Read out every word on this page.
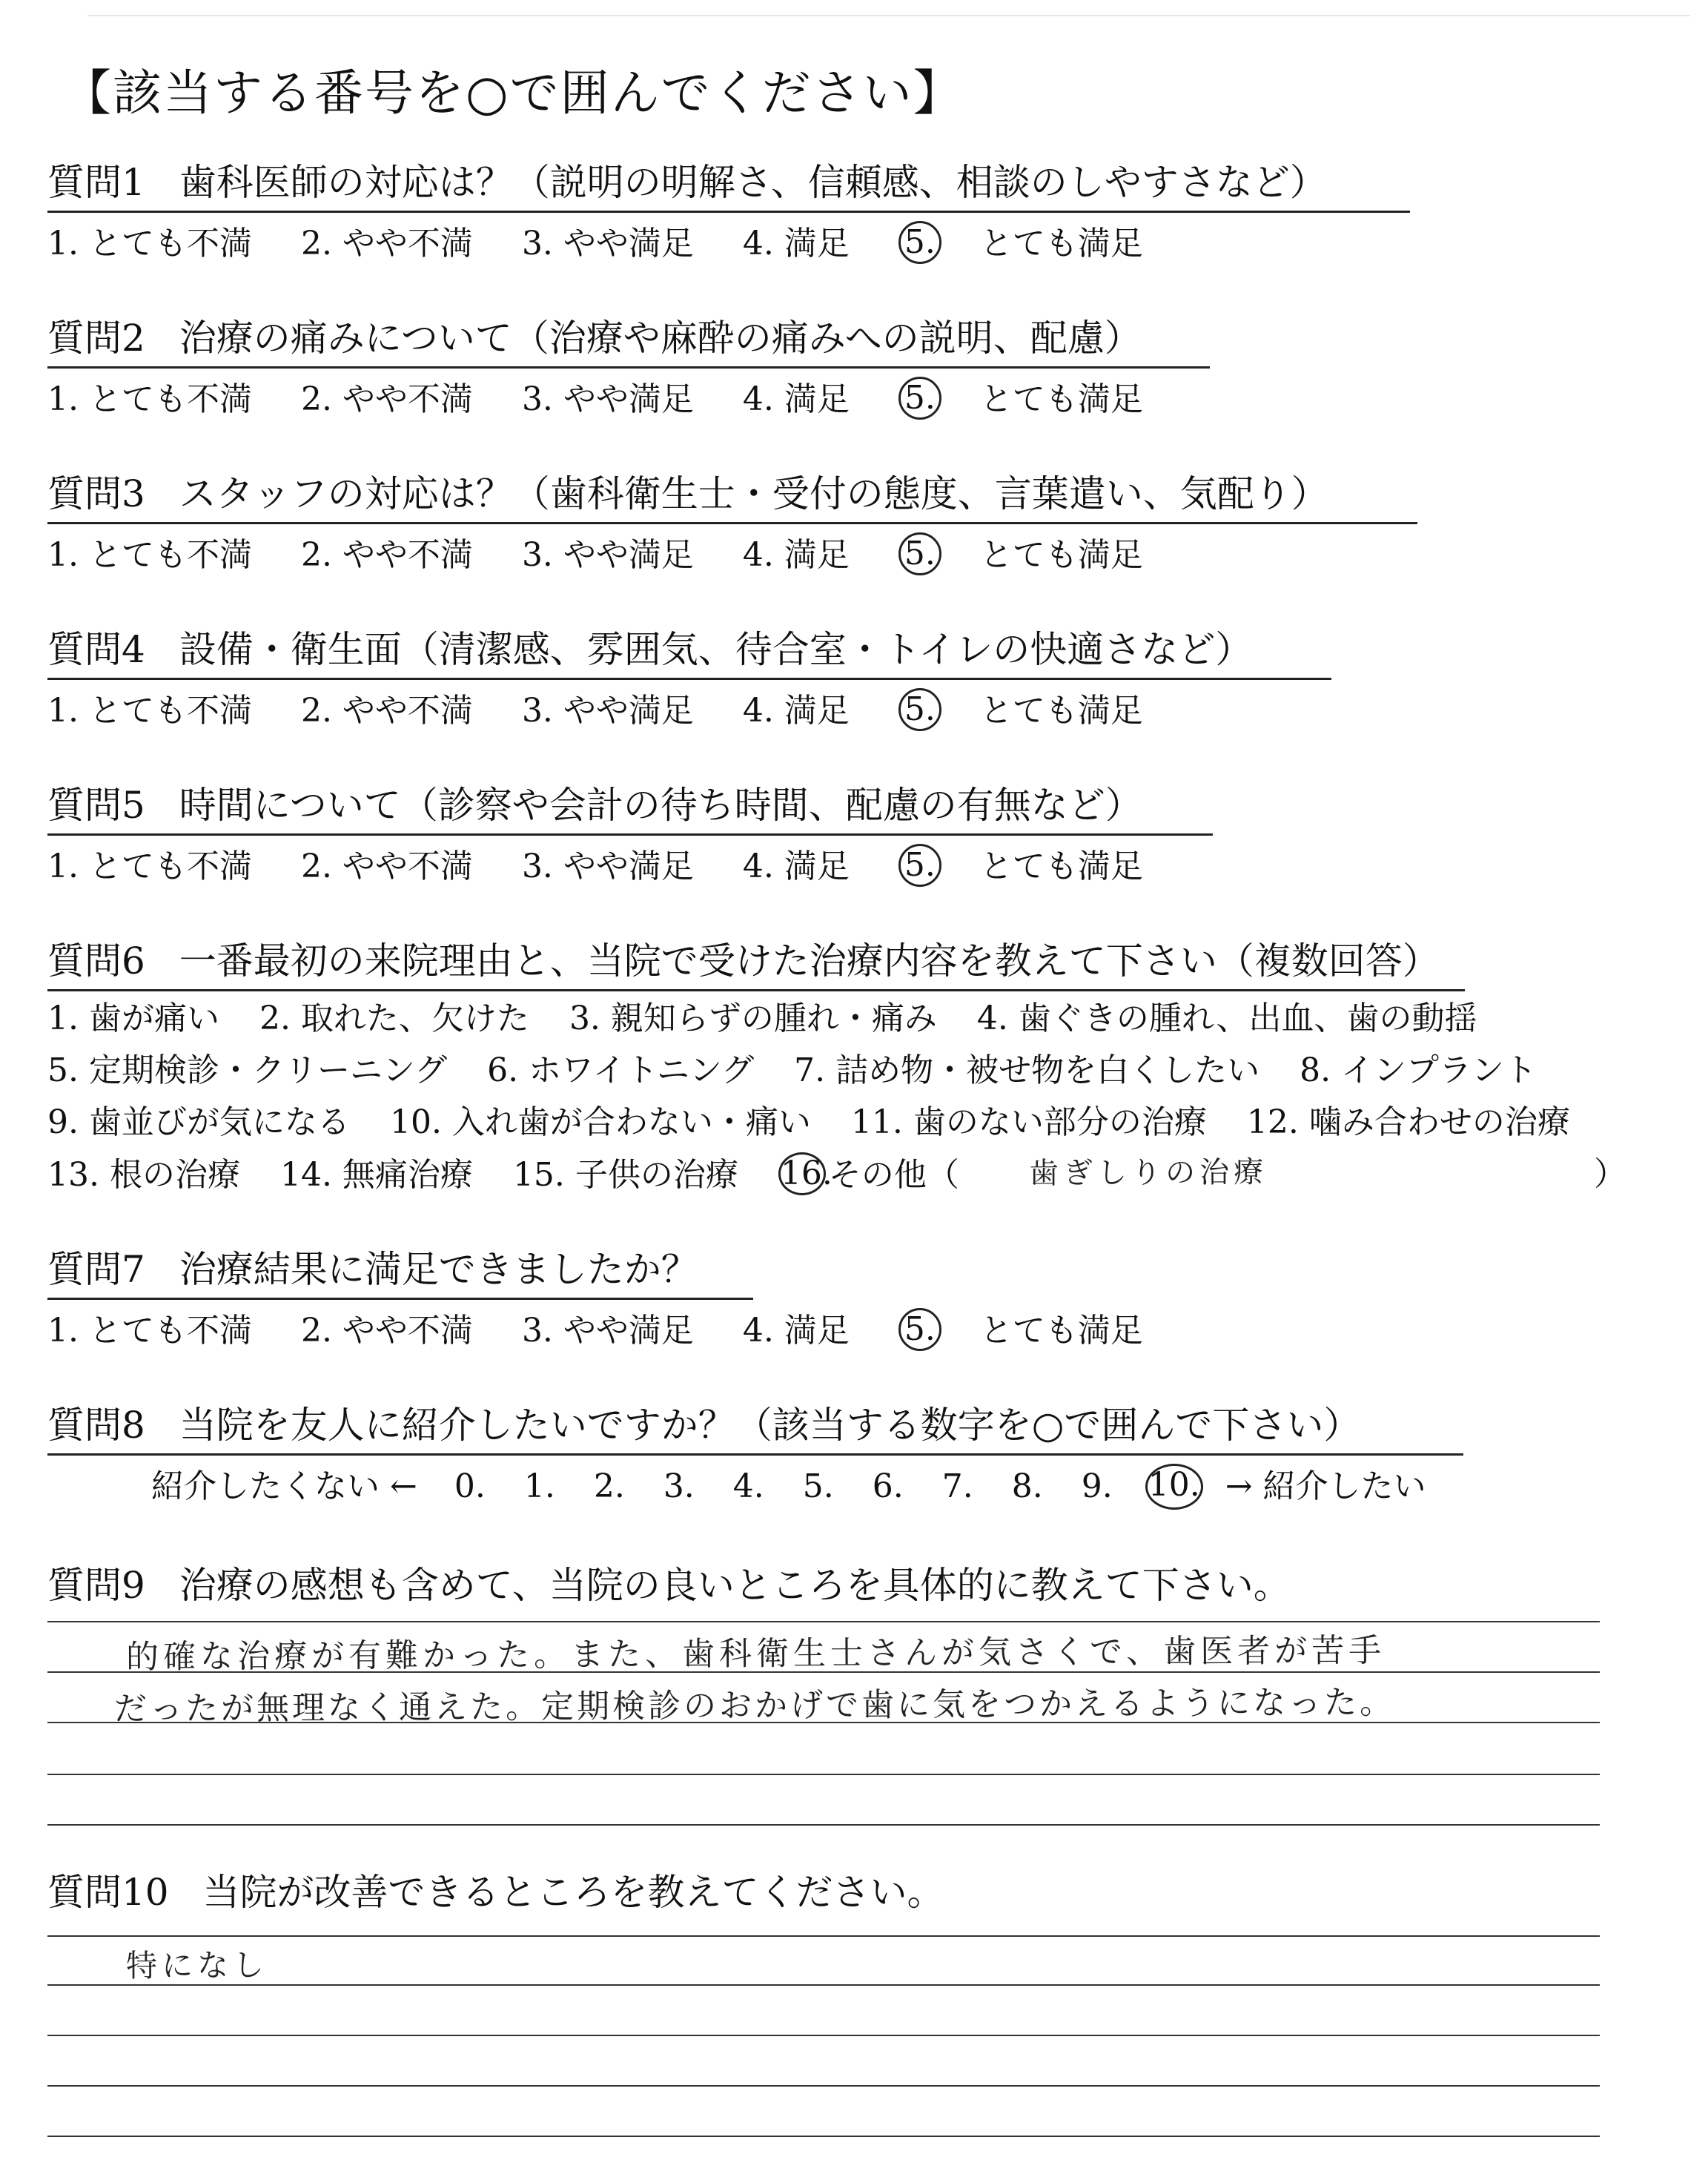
【該当する番号を○で囲んでください】
質問1 歯科医師の対応は？（説明の明解さ、信頼感、相談のしやすさなど）
1. とても不満 2. やや不満 3. やや満足 4. 満足 5. とても満足
質問2 治療の痛みについて（治療や麻酔の痛みへの説明、配慮）
1. とても不満 2. やや不満 3. やや満足 4. 満足 5. とても満足
質問3 スタッフの対応は？（歯科衛生士・受付の態度、言葉遣い、気配り）
1. とても不満 2. やや不満 3. やや満足 4. 満足 5. とても満足
質問4 設備・衛生面（清潔感、雰囲気、待合室・トイレの快適さなど）
1. とても不満 2. やや不満 3. やや満足 4. 満足 5. とても満足
質問5 時間について（診察や会計の待ち時間、配慮の有無など）
1. とても不満 2. やや不満 3. やや満足 4. 満足 5. とても満足
質問6 一番最初の来院理由と、当院で受けた治療内容を教えて下さい（複数回答）
1. 歯が痛い 2. 取れた、欠けた 3. 親知らずの腫れ・痛み 4. 歯ぐきの腫れ、出血、歯の動揺
5. 定期検診・クリーニング 6. ホワイトニング 7. 詰め物・被せ物を白くしたい 8. インプラント
9. 歯並びが気になる 10. 入れ歯が合わない・痛い 11. 歯のない部分の治療 12. 噛み合わせの治療
13. 根の治療 14. 無痛治療 15. 子供の治療 16.その他（	歯ぎしりの治療	）
質問7 治療結果に満足できましたか？
1. とても不満 2. やや不満 3. やや満足 4. 満足 5. とても満足
質問8 当院を友人に紹介したいですか？（該当する数字を○で囲んで下さい）
紹介したくない ← 0. 1. 2. 3. 4. 5. 6. 7. 8. 9. 10. → 紹介したい
質問9 治療の感想も含めて、当院の良いところを具体的に教えて下さい。
的確な治療が有難かった。また、歯科衛生士さんが気さくで、歯医者が苦手
だったが無理なく通えた。定期検診のおかげで歯に気をつかえるようになった。
質問10 当院が改善できるところを教えてください。
特になし
